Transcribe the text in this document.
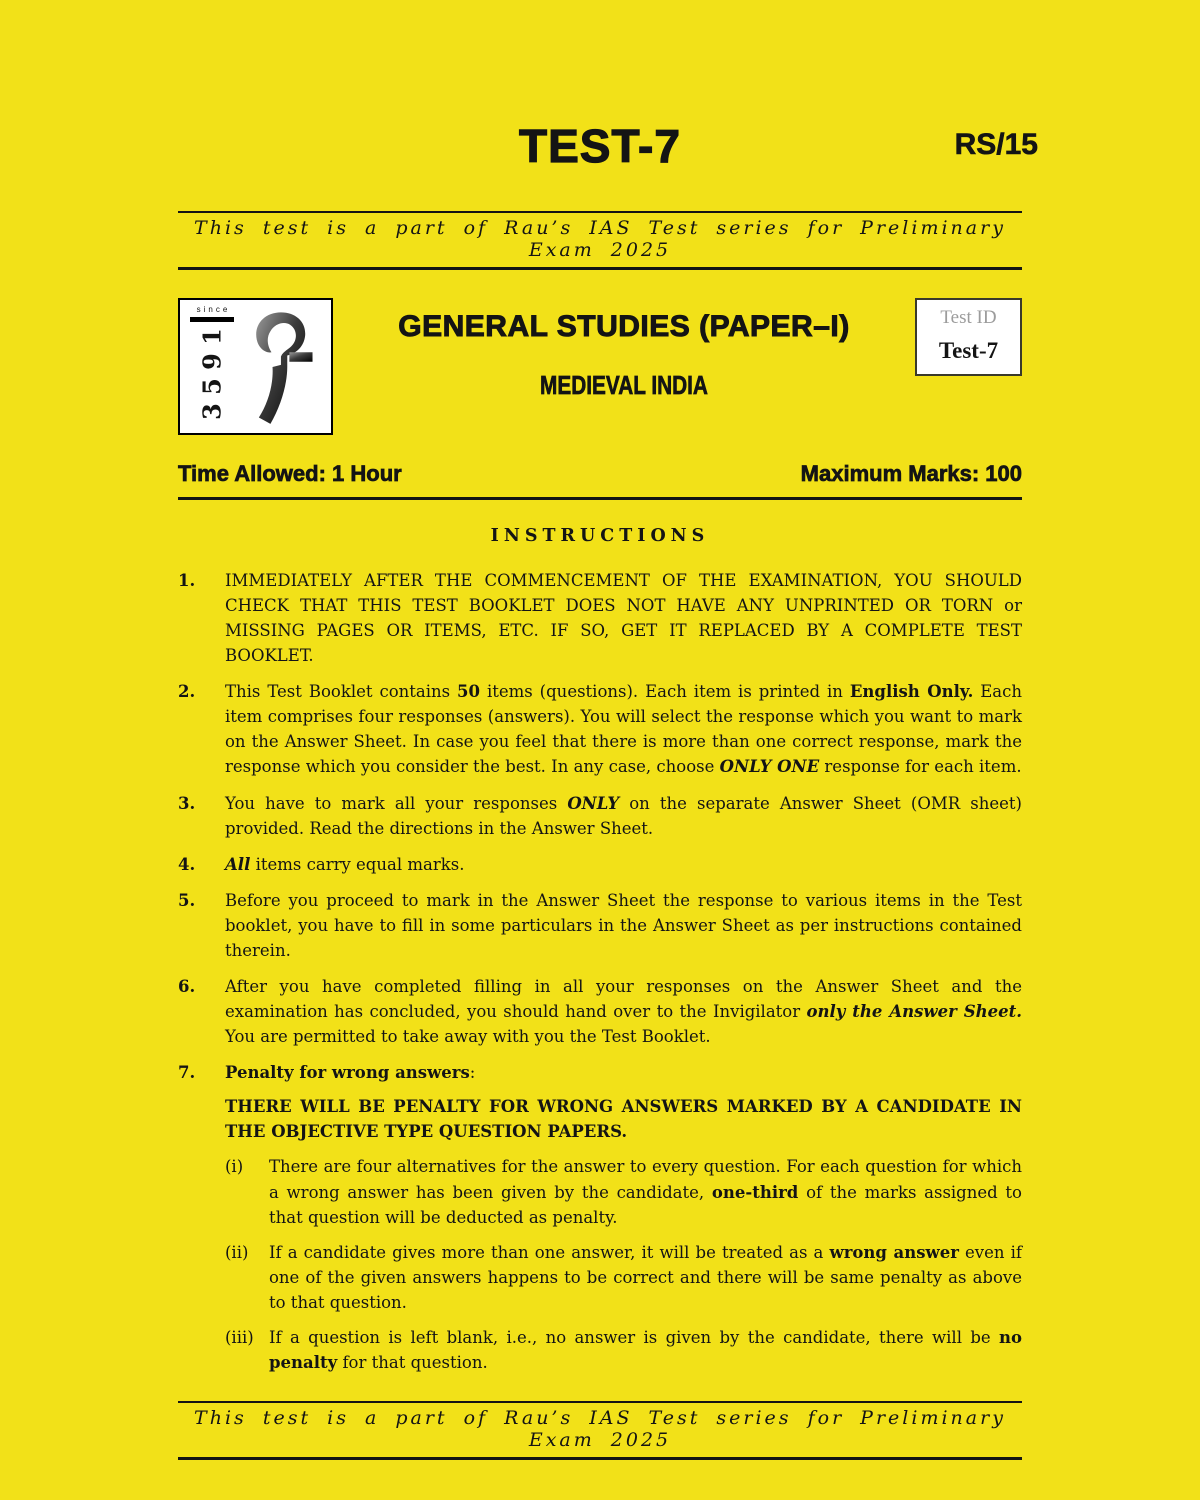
TEST-7	RS/15
This test is a part of Rau’s IAS Test series for Preliminary Exam 2025
since
1
9
5
3
GENERAL STUDIES (PAPER–I)
MEDIEVAL INDIA
Test ID
Test-7
Time Allowed: 1 Hour	Maximum Marks: 100
INSTRUCTIONS
1.	IMMEDIATELY AFTER THE COMMENCEMENT OF THE EXAMINATION, YOU SHOULD CHECK THAT THIS TEST BOOKLET DOES NOT HAVE ANY UNPRINTED OR TORN or MISSING PAGES OR ITEMS, ETC. IF SO, GET IT REPLACED BY A COMPLETE TEST BOOKLET.

2.	This Test Booklet contains 50 items (questions). Each item is printed in English Only. Each item comprises four responses (answers). You will select the response which you want to mark on the Answer Sheet. In case you feel that there is more than one correct response, mark the response which you consider the best. In any case, choose ONLY ONE response for each item.

3.	You have to mark all your responses ONLY on the separate Answer Sheet (OMR sheet) provided. Read the directions in the Answer Sheet.

4.	All items carry equal marks.

5.	Before you proceed to mark in the Answer Sheet the response to various items in the Test booklet, you have to fill in some particulars in the Answer Sheet as per instructions contained therein.

6.	After you have completed filling in all your responses on the Answer Sheet and the examination has concluded, you should hand over to the Invigilator only the Answer Sheet. You are permitted to take away with you the Test Booklet.

7.	Penalty for wrong answers:

THERE WILL BE PENALTY FOR WRONG ANSWERS MARKED BY A CANDIDATE IN THE OBJECTIVE TYPE QUESTION PAPERS.

(i)	There are four alternatives for the answer to every question. For each question for which a wrong answer has been given by the candidate, one-third of the marks assigned to that question will be deducted as penalty.
(ii)	If a candidate gives more than one answer, it will be treated as a wrong answer even if one of the given answers happens to be correct and there will be same penalty as above to that question.
(iii) If a question is left blank, i.e., no answer is given by the candidate, there will be no penalty for that question.
This test is a part of Rau’s IAS Test series for Preliminary Exam 2025
